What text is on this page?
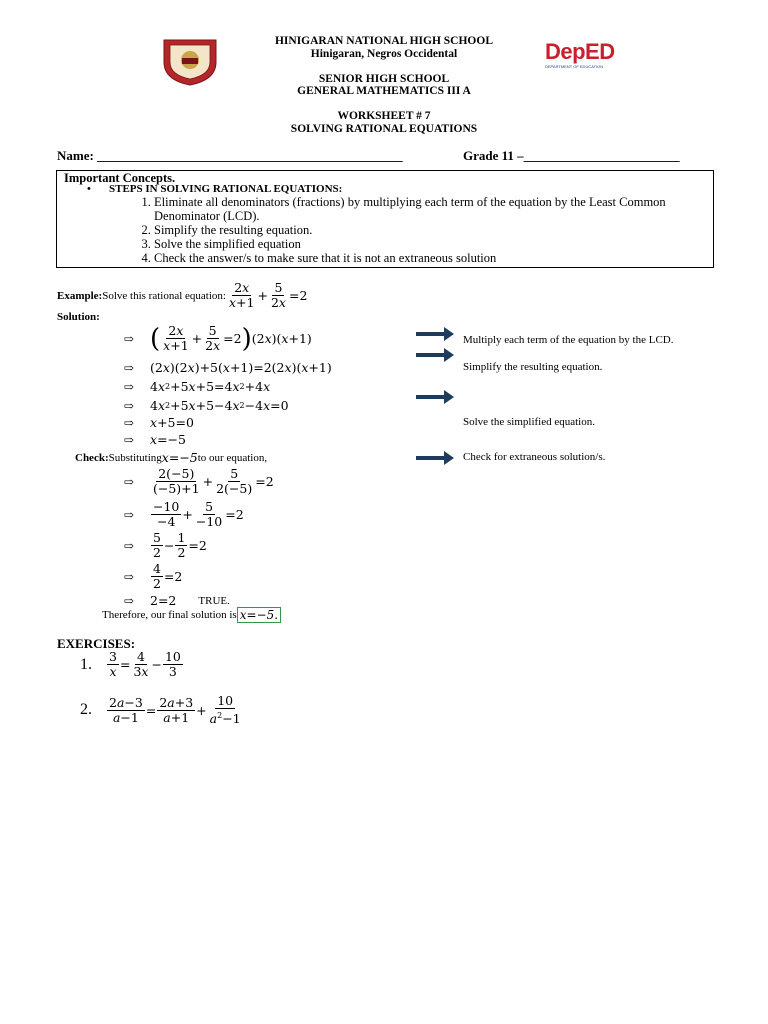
HINIGARAN NATIONAL HIGH SCHOOL
Hinigaran, Negros Occidental
SENIOR HIGH SCHOOL
GENERAL MATHEMATICS III A
WORKSHEET # 7
SOLVING RATIONAL EQUATIONS
DepED
DEPARTMENT OF EDUCATION
Name: _______________________________________________	Grade 11 –________________________
Important Concepts.
• STEPS IN SOLVING RATIONAL EQUATIONS:
1. Eliminate all denominators (fractions) by multiplying each term of the equation by the Least Common Denominator (LCD).
2. Simplify the resulting equation.
3. Solve the simplified equation
4. Check the answer/s to make sure that it is not an extraneous solution
Example: Solve this rational equation: $\frac{2x}{x+1} + \frac{5}{2x} =2$
Solution:
⇨ ( $\frac{2x}{x+1} + \frac{5}{2x} =2$ ) (2 x )( x +1)
⇨	(2 x )(2 x )+5( x +1)=2(2 x )( x +1)
⇨	4 x 2 +5 x +5=4 x 2 +4 x
⇨	4 x 2 +5 x +5−4 x 2 −4 x =0
⇨	x +5=0
⇨	x =−5
Check: Substituting x=−5 to our equation,
⇨	$\frac{2(-5)}{(-5)+1} + \frac{5}{2(-5)} =2$
⇨	$\frac{-10}{-4} + \frac{5}{-10} =2$
⇨	$\frac{5}{2} - \frac{1}{2} =2$
⇨	$\frac{4}{2} =2$
⇨	2=2 TRUE.
Therefore, our final solution is x=−5.
Multiply each term of the equation by the LCD.
Simplify the resulting equation.
Solve the simplified equation.
Check for extraneous solution/s.
EXERCISES:
1.	$\frac{3}{x} = \frac{4}{3x} - \frac{10}{3}$
2.	$\frac{2a-3}{a-1} = \frac{2a+3}{a+1} + \frac{10}{a^2-1}$
